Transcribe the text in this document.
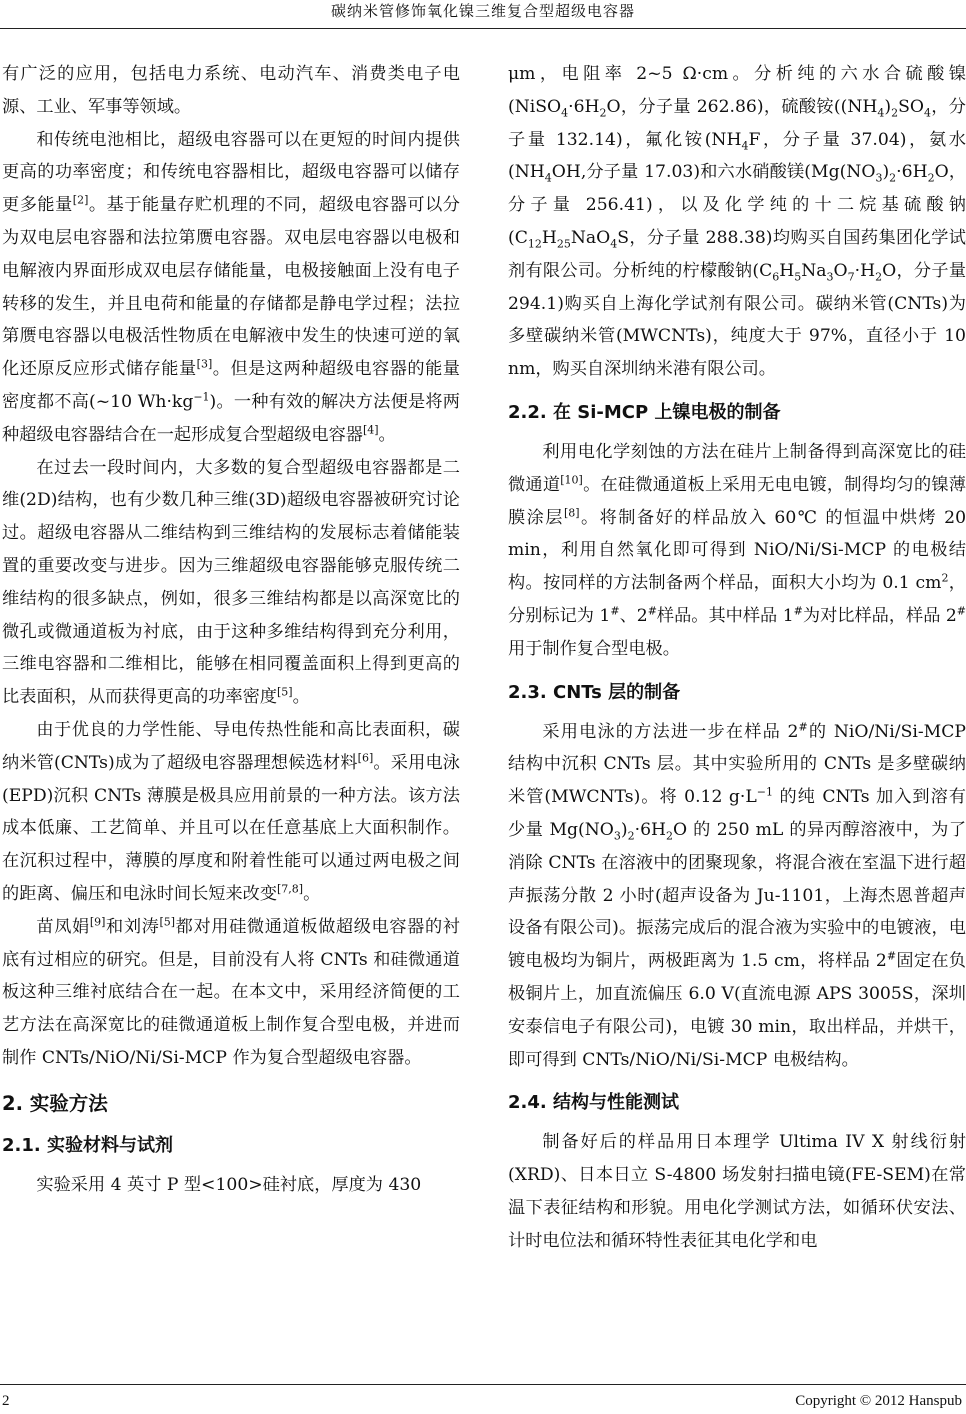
碳纳米管修饰氧化镍三维复合型超级电容器

有广泛的应用，包括电力系统、电动汽车、消费类电子电源、工业、军事等领域。

和传统电池相比，超级电容器可以在更短的时间内提供更高的功率密度；和传统电容器相比，超级电容器可以储存更多能量[2]。基于能量存贮机理的不同，超级电容器可以分为双电层电容器和法拉第赝电容器。双电层电容器以电极和电解液内界面形成双电层存储能量，电极接触面上没有电子转移的发生，并且电荷和能量的存储都是静电学过程；法拉第赝电容器以电极活性物质在电解液中发生的快速可逆的氧化还原反应形式储存能量[3]。但是这两种超级电容器的能量密度都不高(~10 $Wh\cdot kg^{-1}$)。一种有效的解决方法便是将两种超级电容器结合在一起形成复合型超级电容器[4]。

在过去一段时间内，大多数的复合型超级电容器都是二维(2D)结构，也有少数几种三维(3D)超级电容器被研究讨论过。超级电容器从二维结构到三维结构的发展标志着储能装置的重要改变与进步。因为三维超级电容器能够克服传统二维结构的很多缺点，例如，很多三维结构都是以高深宽比的微孔或微通道板为衬底，由于这种多维结构得到充分利用，三维电容器和二维相比，能够在相同覆盖面积上得到更高的比表面积，从而获得更高的功率密度[5]。

由于优良的力学性能、导电传热性能和高比表面积，碳纳米管(CNTs)成为了超级电容器理想候选材料[6]。采用电泳(EPD)沉积 CNTs 薄膜是极具应用前景的一种方法。该方法成本低廉、工艺简单、并且可以在任意基底上大面积制作。在沉积过程中，薄膜的厚度和附着性能可以通过两电极之间的距离、偏压和电泳时间长短来改变[7,8]。

苗凤娟[9]和刘涛[5]都对用硅微通道板做超级电容器的衬底有过相应的研究。但是，目前没有人将 CNTs 和硅微通道板这种三维衬底结合在一起。在本文中，采用经济简便的工艺方法在高深宽比的硅微通道板上制作复合型电极，并进而制作 CNTs/NiO/Ni/Si-MCP 作为复合型超级电容器。

2. 实验方法
2.1. 实验材料与试剂

实验采用 4 英寸 P 型<100>硅衬底，厚度为 430

μm，电阻率 2~5 Ω·cm。分析纯的六水合硫酸镍($NiSO_4\cdot 6H_2O$，分子量 262.86)，硫酸铵($(NH_4)_2SO_4$，分子量 132.14)，氟化铵($NH_4F$，分子量 37.04)，氨水($NH_4OH$,分子量 17.03)和六水硝酸镁($Mg(NO_3)_2\cdot 6H_2O$，分子量 256.41)，以及化学纯的十二烷基硫酸钠($C_{12}H_{25}NaO_4S$，分子量 288.38)均购买自国药集团化学试剂有限公司。分析纯的柠檬酸钠($C_6H_5Na_3O_7\cdot H_2O$，分子量 294.1)购买自上海化学试剂有限公司。碳纳米管(CNTs)为多壁碳纳米管(MWCNTs)，纯度大于 97%，直径小于 10 nm，购买自深圳纳米港有限公司。

2.2. 在 Si-MCP 上镍电极的制备

利用电化学刻蚀的方法在硅片上制备得到高深宽比的硅微通道[10]。在硅微通道板上采用无电电镀，制得均匀的镍薄膜涂层[8]。将制备好的样品放入 60℃ 的恒温中烘烤 20 min，利用自然氧化即可得到 NiO/Ni/Si-MCP 的电极结构。按同样的方法制备两个样品，面积大小均为 0.1 $cm^2$，分别标记为 1#、2#样品。其中样品 1#为对比样品，样品 2#用于制作复合型电极。

2.3. CNTs 层的制备

采用电泳的方法进一步在样品 2#的 NiO/Ni/Si-MCP 结构中沉积 CNTs 层。其中实验所用的 CNTs 是多壁碳纳米管(MWCNTs)。将 0.12 $g\cdot L^{-1}$ 的纯 CNTs 加入到溶有少量 $Mg(NO_3)_2\cdot 6H_2O$ 的 250 mL 的异丙醇溶液中，为了消除 CNTs 在溶液中的团聚现象，将混合液在室温下进行超声振荡分散 2 小时(超声设备为 Ju-1101，上海杰恩普超声设备有限公司)。振荡完成后的混合液为实验中的电镀液，电镀电极均为铜片，两极距离为 1.5 cm，将样品 2#固定在负极铜片上，加直流偏压 6.0 V(直流电源 APS 3005S，深圳安泰信电子有限公司)，电镀 30 min，取出样品，并烘干，即可得到 CNTs/NiO/Ni/Si-MCP 电极结构。

2.4. 结构与性能测试

制备好后的样品用日本理学 Ultima IV X 射线衍射(XRD)、日本日立 S-4800 场发射扫描电镜(FE-SEM)在常温下表征结构和形貌。用电化学测试方法，如循环伏安法、计时电位法和循环特性表征其电化学和电

2	Copyright © 2012 Hanspub
